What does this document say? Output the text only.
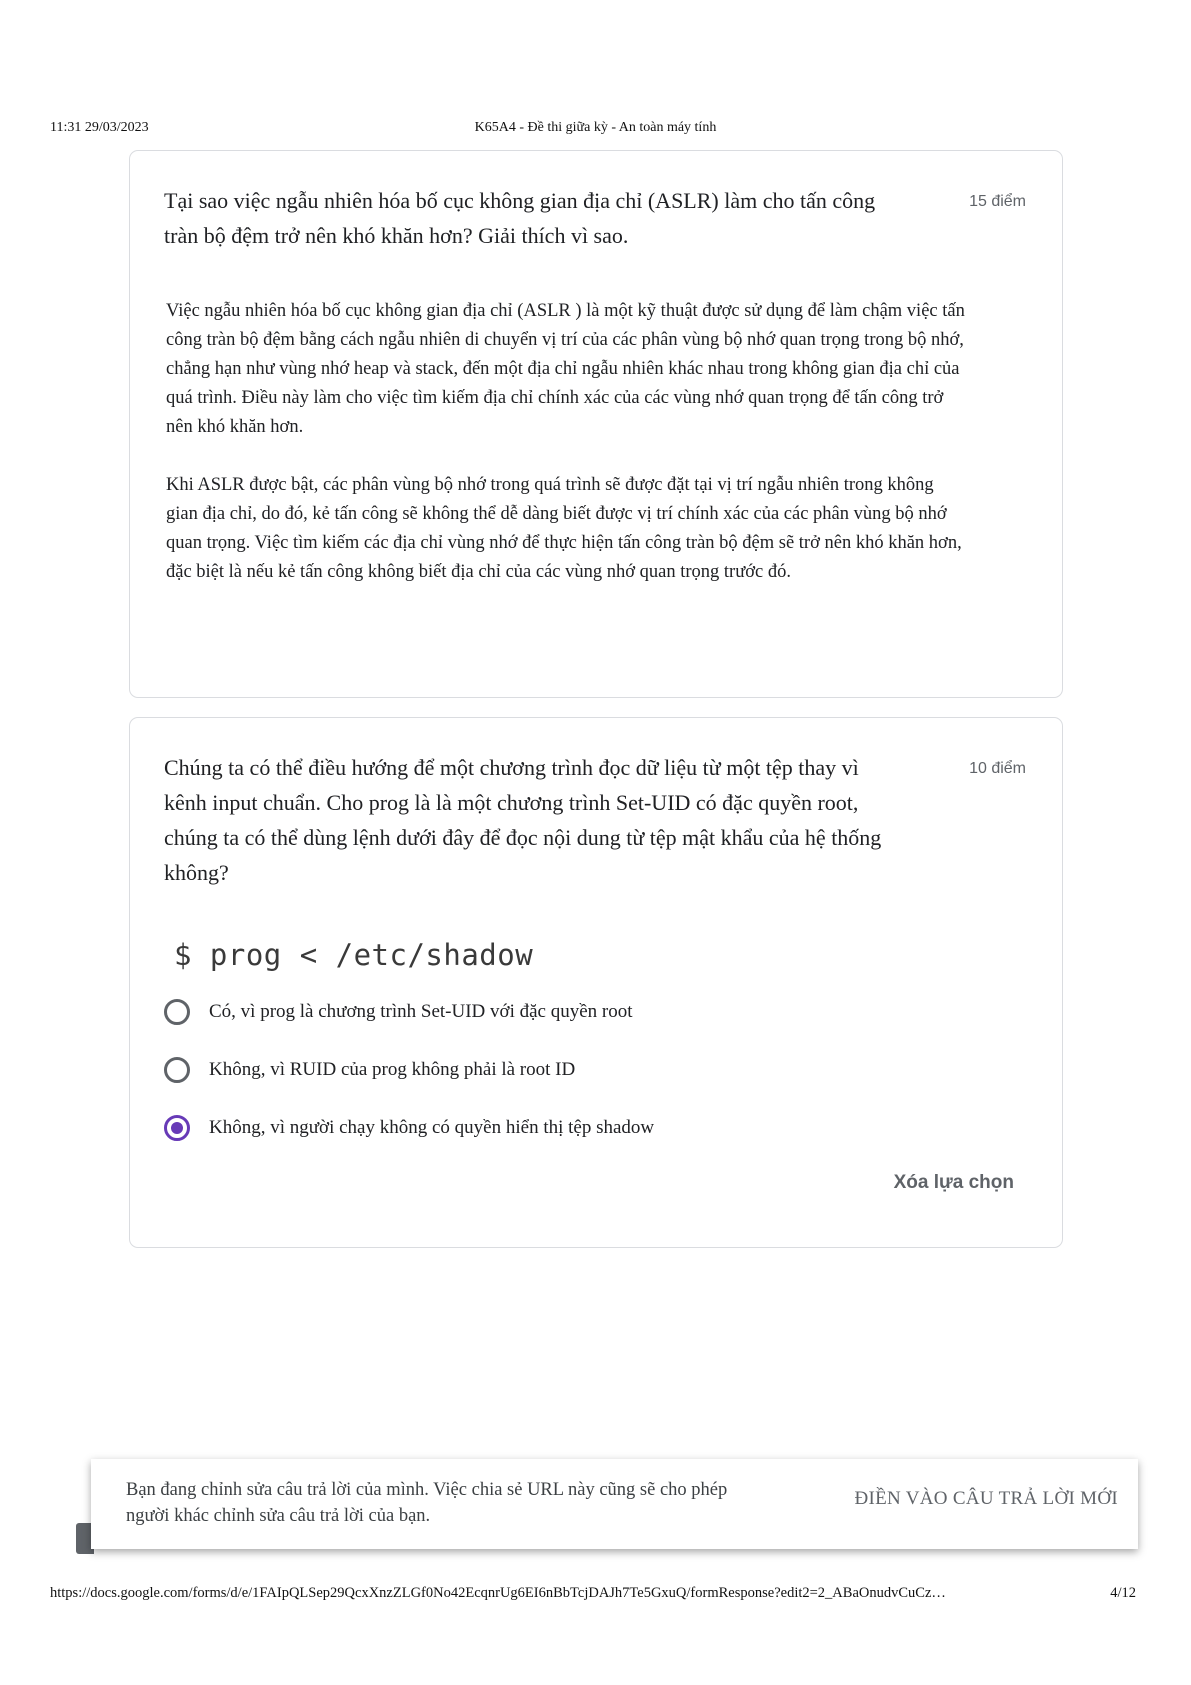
11:31 29/03/2023	K65A4 - Đề thi giữa kỳ - An toàn máy tính
Tại sao việc ngẫu nhiên hóa bố cục không gian địa chỉ (ASLR) làm cho tấn công tràn bộ đệm trở nên khó khăn hơn? Giải thích vì sao.
15 điểm

Việc ngẫu nhiên hóa bố cục không gian địa chỉ (ASLR ) là một kỹ thuật được sử dụng để làm chậm việc tấn công tràn bộ đệm bằng cách ngẫu nhiên di chuyển vị trí của các phân vùng bộ nhớ quan trọng trong bộ nhớ, chẳng hạn như vùng nhớ heap và stack, đến một địa chỉ ngẫu nhiên khác nhau trong không gian địa chỉ của quá trình. Điều này làm cho việc tìm kiếm địa chỉ chính xác của các vùng nhớ quan trọng để tấn công trở nên khó khăn hơn.

Khi ASLR được bật, các phân vùng bộ nhớ trong quá trình sẽ được đặt tại vị trí ngẫu nhiên trong không gian địa chỉ, do đó, kẻ tấn công sẽ không thể dễ dàng biết được vị trí chính xác của các phân vùng bộ nhớ quan trọng. Việc tìm kiếm các địa chỉ vùng nhớ để thực hiện tấn công tràn bộ đệm sẽ trở nên khó khăn hơn, đặc biệt là nếu kẻ tấn công không biết địa chỉ của các vùng nhớ quan trọng trước đó.

Chúng ta có thể điều hướng để một chương trình đọc dữ liệu từ một tệp thay vì kênh input chuẩn. Cho prog là là một chương trình Set-UID có đặc quyền root, chúng ta có thể dùng lệnh dưới đây để đọc nội dung từ tệp mật khẩu của hệ thống không?
10 điểm
$ prog < /etc/shadow
Có, vì prog là chương trình Set-UID với đặc quyền root
Không, vì RUID của prog không phải là root ID
Không, vì người chạy không có quyền hiển thị tệp shadow
Xóa lựa chọn
Bạn đang chỉnh sửa câu trả lời của mình. Việc chia sẻ URL này cũng sẽ cho phép người khác chỉnh sửa câu trả lời của bạn.
ĐIỀN VÀO CÂU TRẢ LỜI MỚI
https://docs.google.com/forms/d/e/1FAIpQLSep29QcxXnzZLGf0No42EcqnrUg6EI6nBbTcjDAJh7Te5GxuQ/formResponse?edit2=2_ABaOnudvCuCz…	4/12
